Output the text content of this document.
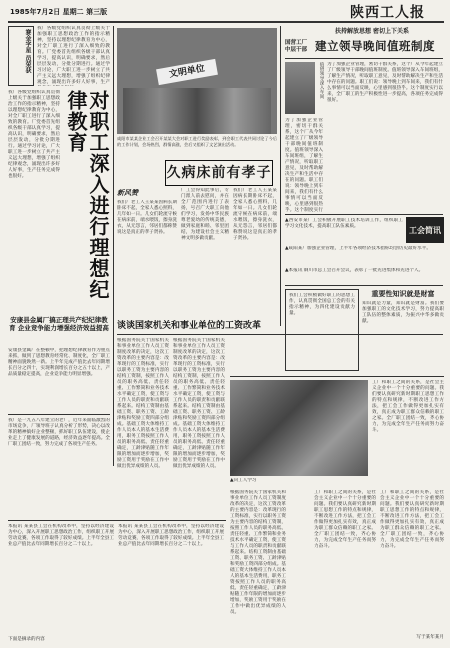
1985年7月2日 星期二 第三版	陕西工人报
赛金字星 员荣获
我厂各级党组织认真贯彻上级关于加强职工思想政治工作的指示精神，坚持以理想纪律教育为中心，对全厂职工进行了深入细致的教育。厂党委首先组织各级干部认真学习，提高认识，明确要求，然后层层发动，分批分期进行。通过学习讨论，广大职工进一步树立了共产主义远大理想，增强了组织纪律观念，涌现出许多好人好事，生产
对职工深入进行理想纪律教育
我厂各级党组织认真贯彻上级关于加强职工思想政治工作的指示精神，坚持以理想纪律教育为中心，对全厂职工进行了深入细致的教育。厂党委首先组织各级干部认真学习，提高认识，明确要求，然后层层发动，分批分期进行。通过学习讨论，广大职工进一步树立了共产主义远大理想，增强了组织纪律观念，涌现出许多好人好事，生产任务完成得也很好。
安康县金属厂搞正理共产纪纪律教育 企业竞争能力增强经济效益提高
安康县金属厂在整顿中，把理想纪律教育作为重点来抓，做到了思想教育经常化、制度化，全厂职工精神面貌焕然一新。上半年完成产值比去年同期增长百分之四十，实现利润增长百分之五十以上，产品质量稳定提高，企业竞争能力明显增强。
文明单位
咸阳市某某企业工会召开某某大会对职工进行奖励表彰，到会职工代表共同讨论了今后的工作计划，会场热烈，群情高涨，会后又组织了文艺演出活动。
久病床前有孝子
新风赞
我们厂老工人王某某因病长期卧床不起，全家人悉心照料，几年如一日。儿女们轮流守候在病床前，端水喂饭，擦身洗衣，从无怨言，邻居们都称赞说这是真正的孝子贤孙。
厂工会得知此事后，专门派人前去慰问，并在全厂范围内进行了表扬，号召广大职工向他们学习，发扬中华民族尊老爱幼的传统美德，做到家庭和睦、邻里团结，为建设社会主义精神文明多做贡献。
我们厂老工人王某某因病长期卧床不起，全家人悉心照料，几年如一日。儿女们轮流守候在病床前，端水喂饭，擦身洗衣，从无怨言，邻居们都称赞说这是真正的孝子贤孙。
扶持解放思想 密切上下关系
国营工厂 中层干部 建立领导晚间值班制度
值班领导深入车间 为了加强企业管理，密切干群关系，这个厂从今年起建立了厂级领导干部晚间值班制度。值班领导深入车间班组，了解生产情况，听取职工意见，及时帮助解决生产和生活中存在的问题。职工们说：领导晚上到车间来，我们有什么事情可以当面反映，心里感到很热乎。这个制度实行以来，全厂职工的生产积极性进一步提高，各项任务完成得很好。
为了加强企业管理，密切干群关系，这个厂从今年起建立了厂级领导干部晚间值班制度。值班领导深入车间班组，了解生产情况，听取职工意见，及时帮助解决生产和生活中存在的问题。职工们说：领导晚上到车间来，我们有什么事情可以当面反映，心里感到很热乎。这个制度实行
▲西安市某厂工会积极开展职工技术培训工作，组织职工学习文化技术，提高职工队伍素质。	工会简讯
▲咸阳某厂加强企业管理，上半年各项经济技术指标均创历史最好水平。
▲本报讯 铜川市总工会召开会议，表彰了一批先进集体和先进个人。
我们工会积极做好职工的思想工作，认真贯彻全国总工会的有关指示精神，为四化建设贡献力量。
重要性知识就是财富
知识就是力量，知识就是财富。我们要加强职工的文化技术学习，努力提高职工队伍的整体素质，为振兴中华多做贡献。
谈谈国家机关和事业单位的工资改革
根据国务院关于国家机关和事业单位工作人员工资制度改革的决定，这次工资改革的主要内容是：改革现行的工资标准，实行以职务工资为主要内容的结构工资制，按照工作人员的职务高低、责任轻重、工作繁简和业务技术水平确定工资，使工资与工作人员的职责和贡献联系起来。结构工资制由基础工资、职务工资、工龄津贴和奖励工资四部分组成。基础工资大体维持工作人员本人的基本生活费用，职务工资按照工作人员的职务高低、责任轻重确定，工龄津贴随工作年限的增加而逐步增加，奖励工资用于奖励在工作中做出优异成绩的人员。
根据国务院关于国家机关和事业单位工作人员工资制度改革的决定，这次工资改革的主要内容是：改革现行的工资标准，实行以职务工资为主要内容的结构工资制，按照工作人员的职务高低、责任轻重、工作繁简和业务技术水平确定工资，使工资与工作人员的职责和贡献联系起来。结构工资制由基础工资、职务工资、工龄津贴和奖励工资四部分组成。基础工资大体维持工作人员本人的基本生活费用，职务工资按照工作人员的职务高低、责任轻重确定，工龄津贴随工作年限的增加而逐步增加，奖励工资用于奖励在工作中做出优异成绩的人员。
▲向工人学习
工厂和职工之间的关系，是社会主义企业中一个十分重要的问题。我们要认真研究新时期职工思想工作的特点和规律，不断改进工作方法，把工会工作做得更加扎实有效，真正成为职工群众信赖的职工之家。全厂职工团结一致，齐心协力，为完成全年生产任务而努力奋斗。
根据国务院关于国家机关和事业单位工作人员工资制度改革的决定，这次工资改革的主要内容是：改革现行的工资标准，实行以职务工资为主要内容的结构工资制，按照工作人员的职务高低、责任轻重、工作繁简和业务技术水平确定工资，使工资与工作人员的职责和贡献联系起来。结构工资制由基础工资、职务工资、工龄津贴和奖励工资四部分组成。基础工资大体维持工作人员本人的基本生活费用，职务工资按照工作人员的职务高低、责任轻重确定，工龄津贴随工作年限的增加而逐步增加，奖励工资用于奖励在工作中做出优异成绩的人员。
工厂和职工之间的关系，是社会主义企业中一个十分重要的问题。我们要认真研究新时期职工思想工作的特点和规律，不断改进工作方法，把工会工作做得更加扎实有效，真正成为职工群众信赖的职工之家。全厂职工团结一致，齐心协力，为完成全年生产任务而努力奋斗。
工厂和职工之间的关系，是社会主义企业中一个十分重要的问题。我们要认真研究新时期职工思想工作的特点和规律，不断改进工作方法，把工会工作做得更加扎实有效，真正成为职工群众信赖的职工之家。全厂职工团结一致，齐心协力，为完成全年生产任务而努力奋斗。
写于某年某月
我厂是一九五八年建立的老厂，近年来面临激烈的市场竞争，厂领导班子认真分析了形势，决心以改革的精神搞好企业整顿，抓好职工队伍建设，使企业走上了健康发展的道路，经济效益逐年提高。全厂职工团结一致，努力完成了各项生产任务。
本报讯 某某县工会在机构改革中，坚持以经济建设为中心，深入开展职工思想政治工作，组织职工开展劳动竞赛，各项工作取得了较好成绩。上半年全县工业总产值比去年同期增长百分之二十以上。
本报讯 某某县工会在机构改革中，坚持以经济建设为中心，深入开展职工思想政治工作，组织职工开展劳动竞赛，各项工作取得了较好成绩。上半年全县工业总产值比去年同期增长百分之二十以上。
下面是摘录的内容
